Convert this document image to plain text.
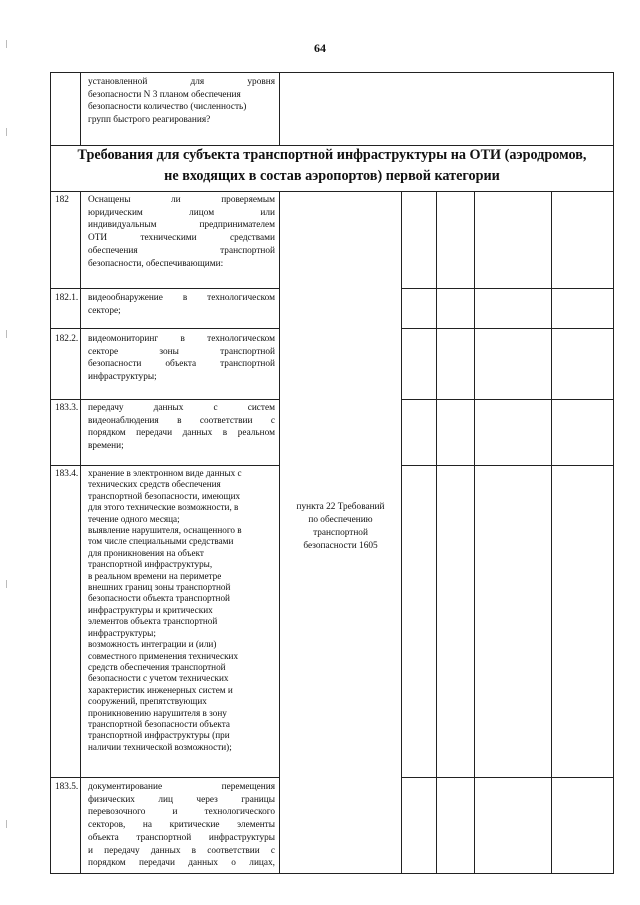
64
установленной для уровня
безопасности N 3 планом обеспечения
безопасности количество (численность)
групп быстрого реагирования?
Требования для субъекта транспортной инфраструктуры на ОТИ (аэродромов,
не входящих в состав аэропортов) первой категории
182 Оснащены ли проверяемым
юридическим лицом или
индивидуальным предпринимателем
ОТИ техническими средствами
обеспечения транспортной
безопасности, обеспечивающими:
182.1. видеообнаружение в технологическом
секторе;
182.2. видеомониторинг в технологическом
секторе зоны транспортной
безопасности объекта транспортной
инфраструктуры;
183.3. передачу данных с систем
видеонаблюдения в соответствии с
порядком передачи данных в реальном
времени;
183.4. хранение в электронном виде данных с
технических средств обеспечения
транспортной безопасности, имеющих
для этого технические возможности, в
течение одного месяца;
выявление нарушителя, оснащенного в
том числе специальными средствами
для проникновения на объект
транспортной инфраструктуры,
в реальном времени на периметре
внешних границ зоны транспортной
безопасности объекта транспортной
инфраструктуры и критических
элементов объекта транспортной
инфраструктуры;
возможность интеграции и (или)
совместного применения технических
средств обеспечения транспортной
безопасности с учетом технических
характеристик инженерных систем и
сооружений, препятствующих
проникновению нарушителя в зону
транспортной безопасности объекта
транспортной инфраструктуры (при
наличии технической возможности);
183.5. документирование перемещения
физических лиц через границы
перевозочного и технологического
секторов, на критические элементы
объекта транспортной инфраструктуры
и передачу данных в соответствии с
порядком передачи данных о лицах,
пункта 22 Требований
по обеспечению
транспортной
безопасности 1605
